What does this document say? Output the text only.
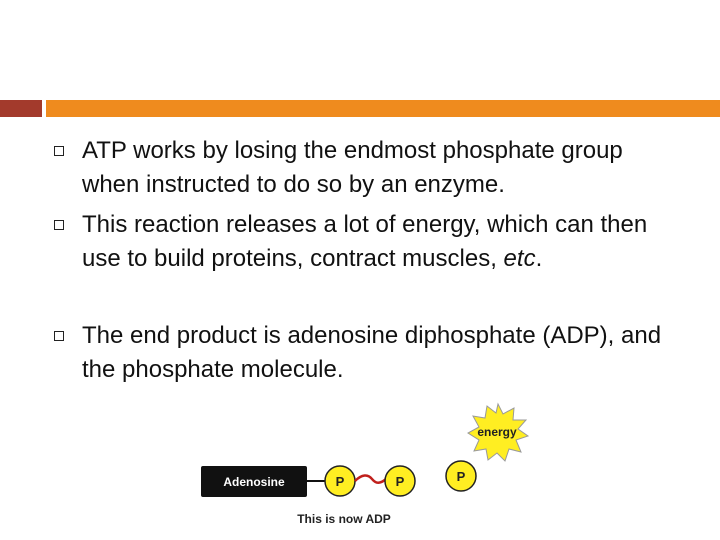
ATP works by losing the endmost phosphate group when instructed to do so by an enzyme.
This reaction releases a lot of energy, which can then use to build proteins, contract muscles, etc.
The end product is adenosine diphosphate (ADP), and the phosphate molecule.
energy
Adenosine	P	P	P
This is now ADP
